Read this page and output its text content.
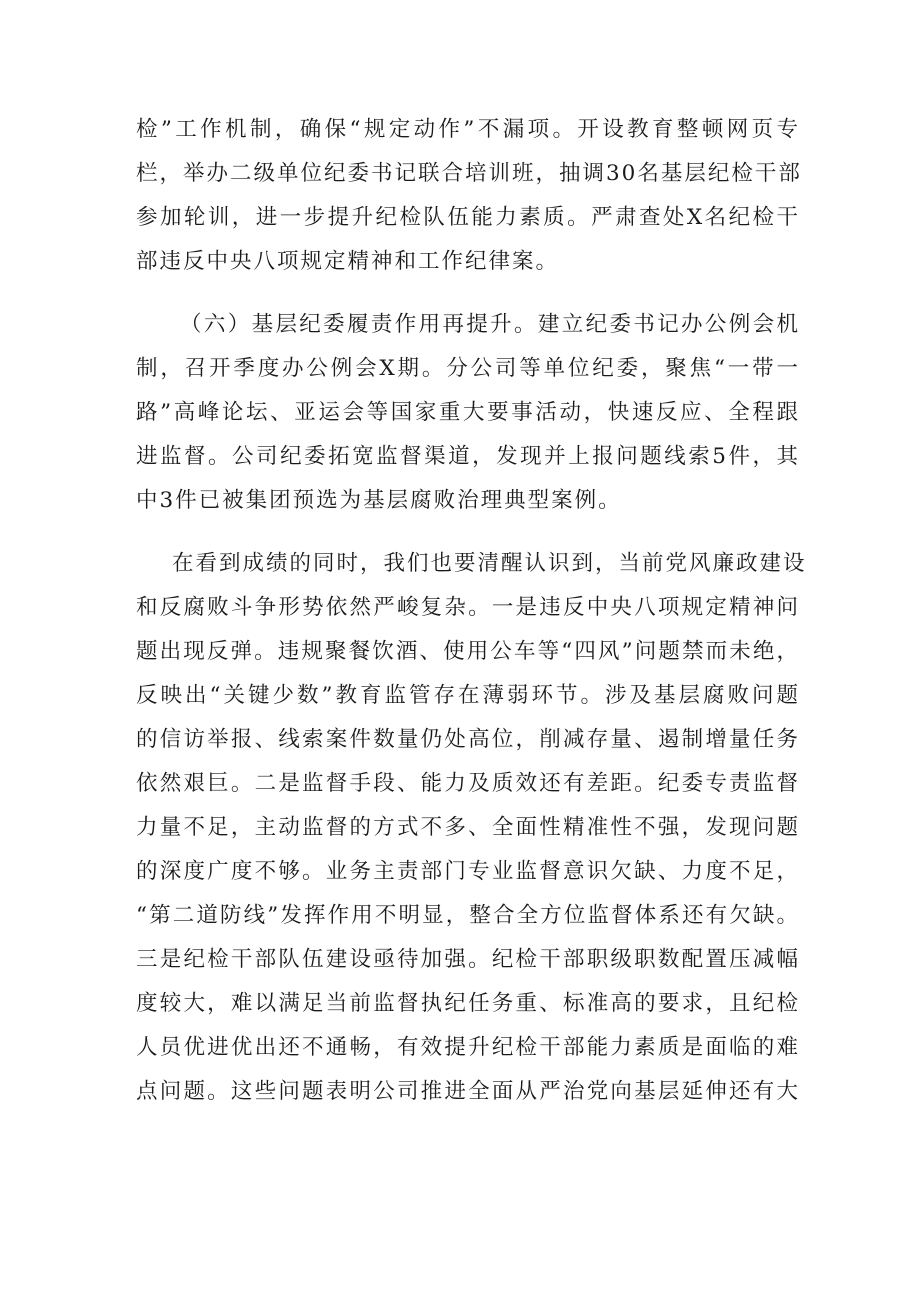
检”工作机制，确保“规定动作”不漏项。开设教育整顿网页专
栏，举办二级单位纪委书记联合培训班，抽调30名基层纪检干部
参加轮训，进一步提升纪检队伍能力素质。严肃查处X名纪检干
部违反中央八项规定精神和工作纪律案。
（六）基层纪委履责作用再提升。建立纪委书记办公例会机
制，召开季度办公例会X期。分公司等单位纪委，聚焦“一带一
路”高峰论坛、亚运会等国家重大要事活动，快速反应、全程跟
进监督。公司纪委拓宽监督渠道，发现并上报问题线索5件，其
中3件已被集团预选为基层腐败治理典型案例。
在看到成绩的同时，我们也要清醒认识到，当前党风廉政建设
和反腐败斗争形势依然严峻复杂。一是违反中央八项规定精神问
题出现反弹。违规聚餐饮酒、使用公车等“四风”问题禁而未绝，
反映出“关键少数”教育监管存在薄弱环节。涉及基层腐败问题
的信访举报、线索案件数量仍处高位，削减存量、遏制增量任务
依然艰巨。二是监督手段、能力及质效还有差距。纪委专责监督
力量不足，主动监督的方式不多、全面性精准性不强，发现问题
的深度广度不够。业务主责部门专业监督意识欠缺、力度不足，
“第二道防线”发挥作用不明显，整合全方位监督体系还有欠缺。
三是纪检干部队伍建设亟待加强。纪检干部职级职数配置压减幅
度较大，难以满足当前监督执纪任务重、标准高的要求，且纪检
人员优进优出还不通畅，有效提升纪检干部能力素质是面临的难
点问题。这些问题表明公司推进全面从严治党向基层延伸还有大
